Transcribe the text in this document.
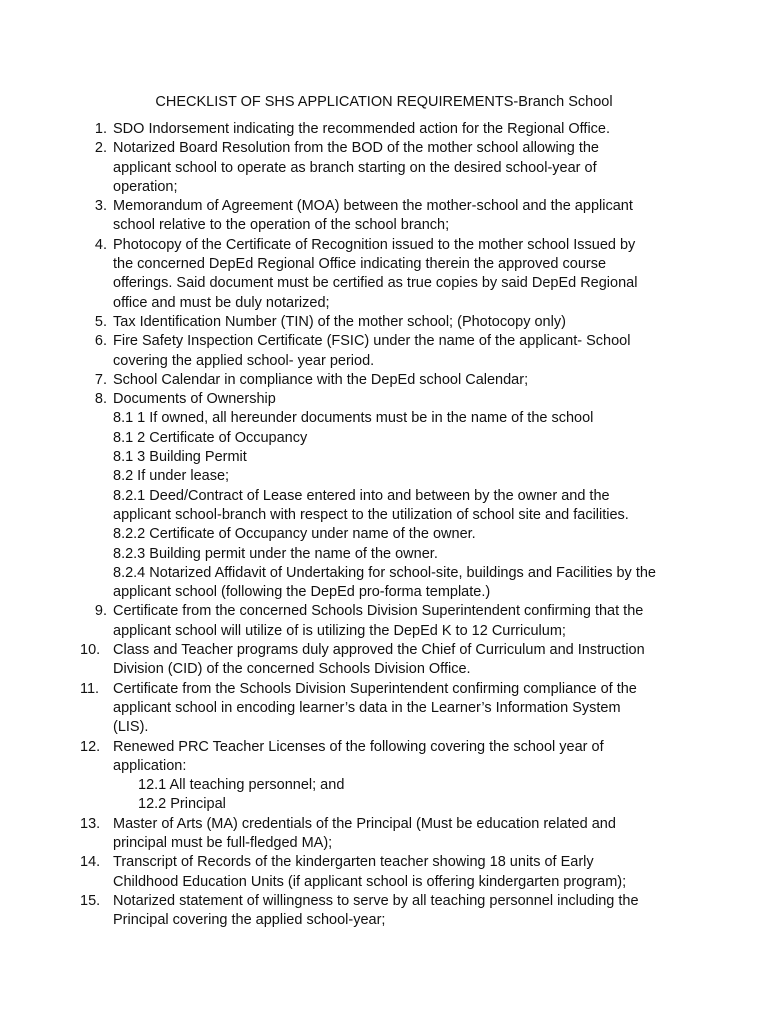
CHECKLIST OF SHS APPLICATION REQUIREMENTS-Branch School
1. SDO Indorsement indicating the recommended action for the Regional Office.
2. Notarized Board Resolution from the BOD of the mother school allowing the
applicant school to operate as branch starting on the desired school-year of
operation;
3. Memorandum of Agreement (MOA) between the mother-school and the applicant
school relative to the operation of the school branch;
4. Photocopy of the Certificate of Recognition issued to the mother school Issued by
the concerned DepEd Regional Office indicating therein the approved course
offerings. Said document must be certified as true copies by said DepEd Regional
office and must be duly notarized;
5. Tax Identification Number (TIN) of the mother school; (Photocopy only)
6. Fire Safety Inspection Certificate (FSIC) under the name of the applicant- School
covering the applied school- year period.
7. School Calendar in compliance with the DepEd school Calendar;
8. Documents of Ownership
8.1 1 If owned, all hereunder documents must be in the name of the school
8.1 2 Certificate of Occupancy
8.1 3 Building Permit
8.2 If under lease;
8.2.1 Deed/Contract of Lease entered into and between by the owner and the
applicant school-branch with respect to the utilization of school site and facilities.
8.2.2 Certificate of Occupancy under name of the owner.
8.2.3 Building permit under the name of the owner.
8.2.4 Notarized Affidavit of Undertaking for school-site, buildings and Facilities by the
applicant school (following the DepEd pro-forma template.)
9. Certificate from the concerned Schools Division Superintendent confirming that the
applicant school will utilize of is utilizing the DepEd K to 12 Curriculum;
10. Class and Teacher programs duly approved the Chief of Curriculum and Instruction
Division (CID) of the concerned Schools Division Office.
11. Certificate from the Schools Division Superintendent confirming compliance of the
applicant school in encoding learner’s data in the Learner’s Information System
(LIS).
12. Renewed PRC Teacher Licenses of the following covering the school year of
application:
12.1 All teaching personnel; and
12.2 Principal
13. Master of Arts (MA) credentials of the Principal (Must be education related and
principal must be full-fledged MA);
14. Transcript of Records of the kindergarten teacher showing 18 units of Early
Childhood Education Units (if applicant school is offering kindergarten program);
15. Notarized statement of willingness to serve by all teaching personnel including the
Principal covering the applied school-year;
